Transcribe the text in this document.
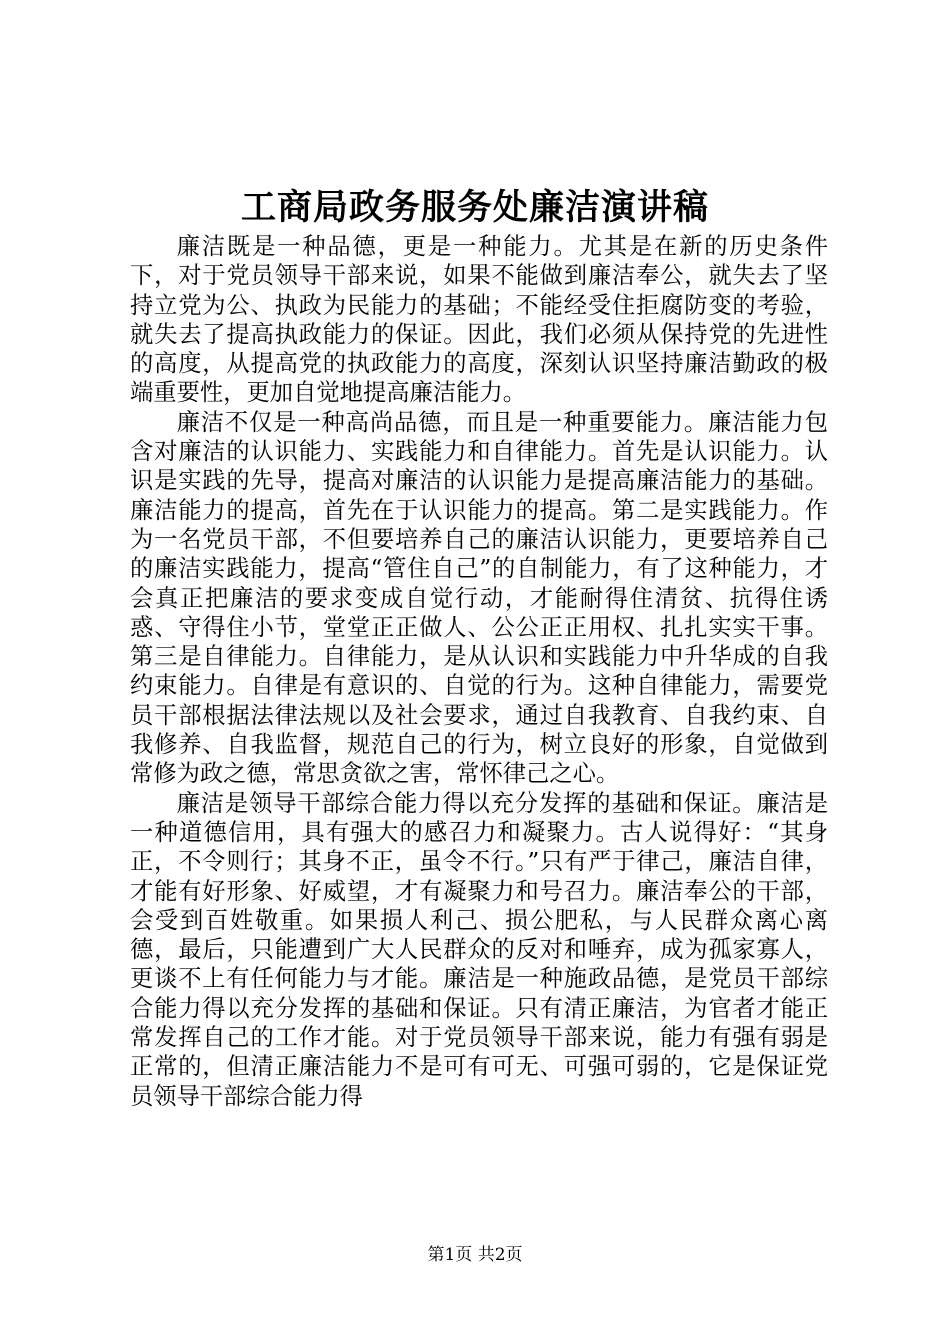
工商局政务服务处廉洁演讲稿

廉洁既是一种品德，更是一种能力。尤其是在新的历史条件下，对于党员领导干部来说，如果不能做到廉洁奉公，就失去了坚持立党为公、执政为民能力的基础；不能经受住拒腐防变的考验，就失去了提高执政能力的保证。因此，我们必须从保持党的先进性的高度，从提高党的执政能力的高度，深刻认识坚持廉洁勤政的极端重要性，更加自觉地提高廉洁能力。

廉洁不仅是一种高尚品德，而且是一种重要能力。廉洁能力包含对廉洁的认识能力、实践能力和自律能力。首先是认识能力。认识是实践的先导，提高对廉洁的认识能力是提高廉洁能力的基础。廉洁能力的提高，首先在于认识能力的提高。第二是实践能力。作为一名党员干部，不但要培养自己的廉洁认识能力，更要培养自己的廉洁实践能力，提高“管住自己”的自制能力，有了这种能力，才会真正把廉洁的要求变成自觉行动，才能耐得住清贫、抗得住诱惑、守得住小节，堂堂正正做人、公公正正用权、扎扎实实干事。第三是自律能力。自律能力，是从认识和实践能力中升华成的自我约束能力。自律是有意识的、自觉的行为。这种自律能力，需要党员干部根据法律法规以及社会要求，通过自我教育、自我约束、自我修养、自我监督，规范自己的行为，树立良好的形象，自觉做到常修为政之德，常思贪欲之害，常怀律己之心。

廉洁是领导干部综合能力得以充分发挥的基础和保证。廉洁是一种道德信用，具有强大的感召力和凝聚力。古人说得好：“其身正，不令则行；其身不正，虽令不行。”只有严于律己，廉洁自律，才能有好形象、好威望，才有凝聚力和号召力。廉洁奉公的干部，会受到百姓敬重。如果损人利己、损公肥私，与人民群众离心离德，最后，只能遭到广大人民群众的反对和唾弃，成为孤家寡人，更谈不上有任何能力与才能。廉洁是一种施政品德，是党员干部综合能力得以充分发挥的基础和保证。只有清正廉洁，为官者才能正常发挥自己的工作才能。对于党员领导干部来说，能力有强有弱是正常的，但清正廉洁能力不是可有可无、可强可弱的，它是保证党员领导干部综合能力得

第1页 共2页
